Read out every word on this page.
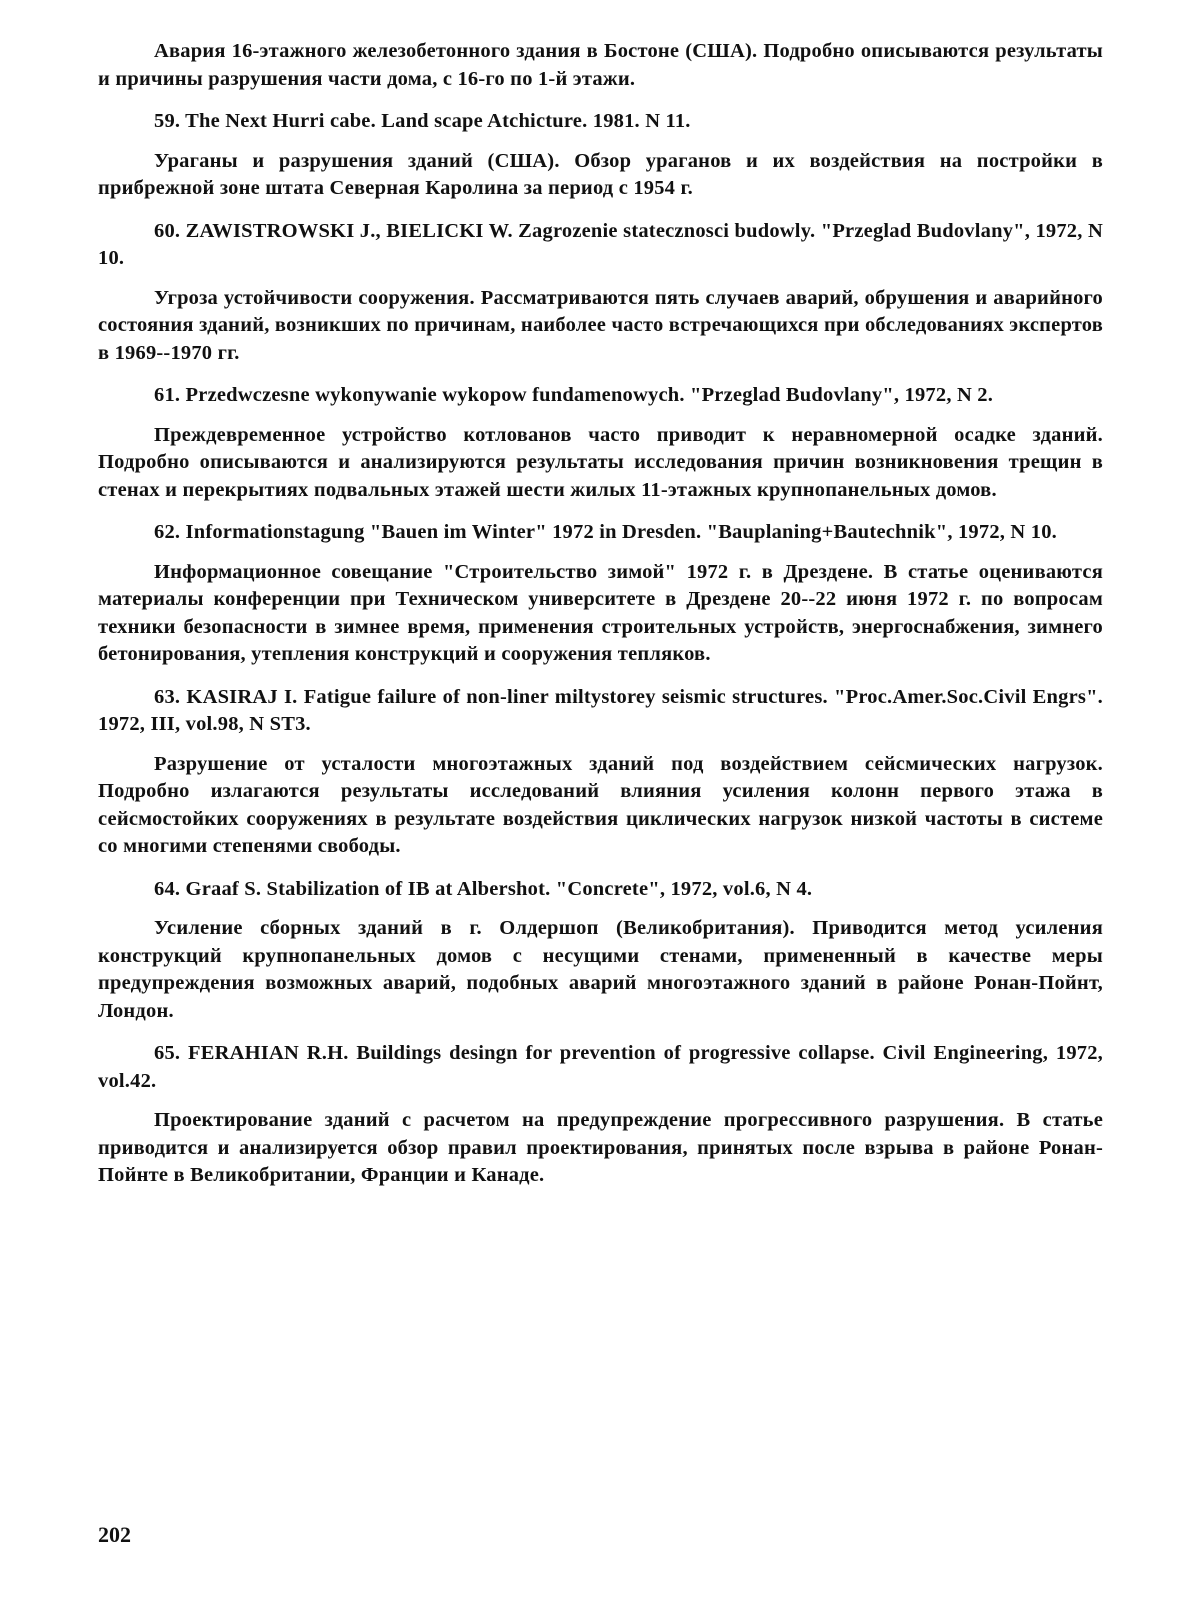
Авария 16-этажного железобетонного здания в Бостоне (США). Подробно описываются результаты и причины разрушения части дома, с 16-го по 1-й этажи.

59. The Next Hurri cabe. Land scape Atchicture. 1981. N 11.

Ураганы и разрушения зданий (США). Обзор ураганов и их воздействия на постройки в прибрежной зоне штата Северная Каролина за период с 1954 г.

60. ZAWISTROWSKI J., BIELICKI W. Zagrozenie statecznosci budowly. "Przeglad Budovlany", 1972, N 10.

Угроза устойчивости сооружения. Рассматриваются пять случаев аварий, обрушения и аварийного состояния зданий, возникших по причинам, наиболее часто встречающихся при обследованиях экспертов в 1969--1970 гг.

61. Przedwczesne wykonywanie wykopow fundamenowych. "Przeglad Budovlany", 1972, N 2.

Преждевременное устройство котлованов часто приводит к неравномерной осадке зданий. Подробно описываются и анализируются результаты исследования причин возникновения трещин в стенах и перекрытиях подвальных этажей шести жилых 11-этажных крупнопанельных домов.

62. Informationstagung "Bauen im Winter" 1972 in Dresden. "Bauplaning+Bautechnik", 1972, N 10.

Информационное совещание "Строительство зимой" 1972 г. в Дрездене. В статье оцениваются материалы конференции при Техническом университете в Дрездене 20--22 июня 1972 г. по вопросам техники безопасности в зимнее время, применения строительных устройств, энергоснабжения, зимнего бетонирования, утепления конструкций и сооружения тепляков.

63. KASIRAJ I. Fatigue failure of non-liner miltystorey seismic structures. "Proc.Amer.Soc.Civil Engrs". 1972, III, vol.98, N ST3.

Разрушение от усталости многоэтажных зданий под воздействием сейсмических нагрузок. Подробно излагаются результаты исследований влияния усиления колонн первого этажа в сейсмостойких сооружениях в результате воздействия циклических нагрузок низкой частоты в системе со многими степенями свободы.

64. Graaf S. Stabilization of IB at Albershot. "Concrete", 1972, vol.6, N 4.

Усиление сборных зданий в г. Олдершоп (Великобритания). Приводится метод усиления конструкций крупнопанельных домов с несущими стенами, примененный в качестве меры предупреждения возможных аварий, подобных аварий многоэтажного зданий в районе Ронан-Пойнт, Лондон.

65. FERAHIAN R.H. Buildings desingn for prevention of progressive collapse. Civil Engineering, 1972, vol.42.

Проектирование зданий с расчетом на предупреждение прогрессивного разрушения. В статье приводится и анализируется обзор правил проектирования, принятых после взрыва в районе Ронан-Пойнте в Великобритании, Франции и Канаде.

202
